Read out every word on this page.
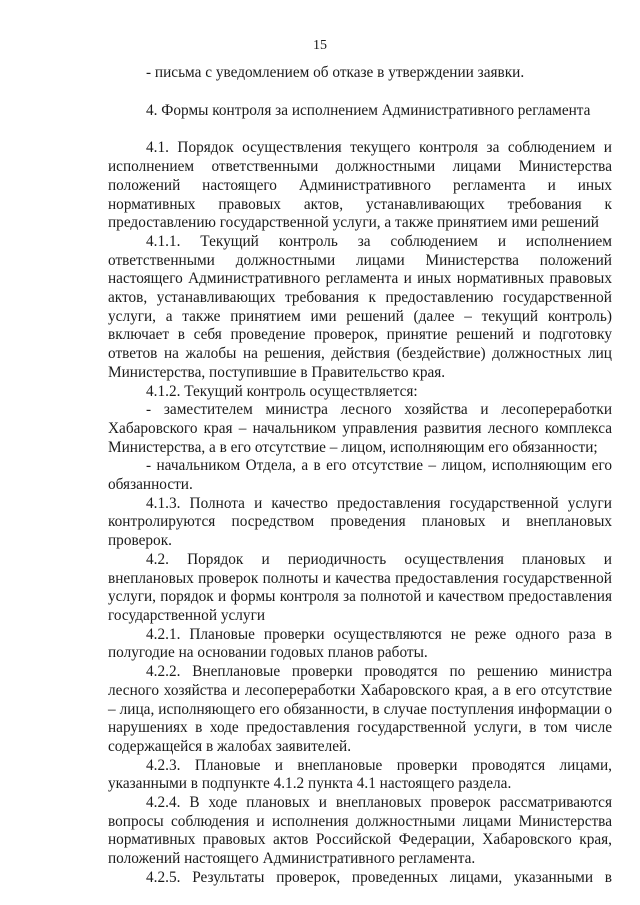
15

- письма с уведомлением об отказе в утверждении заявки.

4. Формы контроля за исполнением Административного регламента

4.1. Порядок осуществления текущего контроля за соблюдением и исполнением ответственными должностными лицами Министерства положений настоящего Административного регламента и иных нормативных правовых актов, устанавливающих требования к предоставлению государственной услуги, а также принятием ими решений

4.1.1. Текущий контроль за соблюдением и исполнением ответственными должностными лицами Министерства положений настоящего Административного регламента и иных нормативных правовых актов, устанавливающих требования к предоставлению государственной услуги, а также принятием ими решений (далее – текущий контроль) включает в себя проведение проверок, принятие решений и подготовку ответов на жалобы на решения, действия (бездействие) должностных лиц Министерства, поступившие в Правительство края.

4.1.2. Текущий контроль осуществляется:

- заместителем министра лесного хозяйства и лесопереработки Хабаровского края – начальником управления развития лесного комплекса Министерства, а в его отсутствие – лицом, исполняющим его обязанности;

- начальником Отдела, а в его отсутствие – лицом, исполняющим его обязанности.

4.1.3. Полнота и качество предоставления государственной услуги контролируются посредством проведения плановых и внеплановых проверок.

4.2. Порядок и периодичность осуществления плановых и внеплановых проверок полноты и качества предоставления государственной услуги, порядок и формы контроля за полнотой и качеством предоставления государственной услуги

4.2.1. Плановые проверки осуществляются не реже одного раза в полугодие на основании годовых планов работы.

4.2.2. Внеплановые проверки проводятся по решению министра лесного хозяйства и лесопереработки Хабаровского края, а в его отсутствие – лица, исполняющего его обязанности, в случае поступления информации о нарушениях в ходе предоставления государственной услуги, в том числе содержащейся в жалобах заявителей.

4.2.3. Плановые и внеплановые проверки проводятся лицами, указанными в подпункте 4.1.2 пункта 4.1 настоящего раздела.

4.2.4. В ходе плановых и внеплановых проверок рассматриваются вопросы соблюдения и исполнения должностными лицами Министерства нормативных правовых актов Российской Федерации, Хабаровского края, положений настоящего Административного регламента.

4.2.5. Результаты проверок, проведенных лицами, указанными в
